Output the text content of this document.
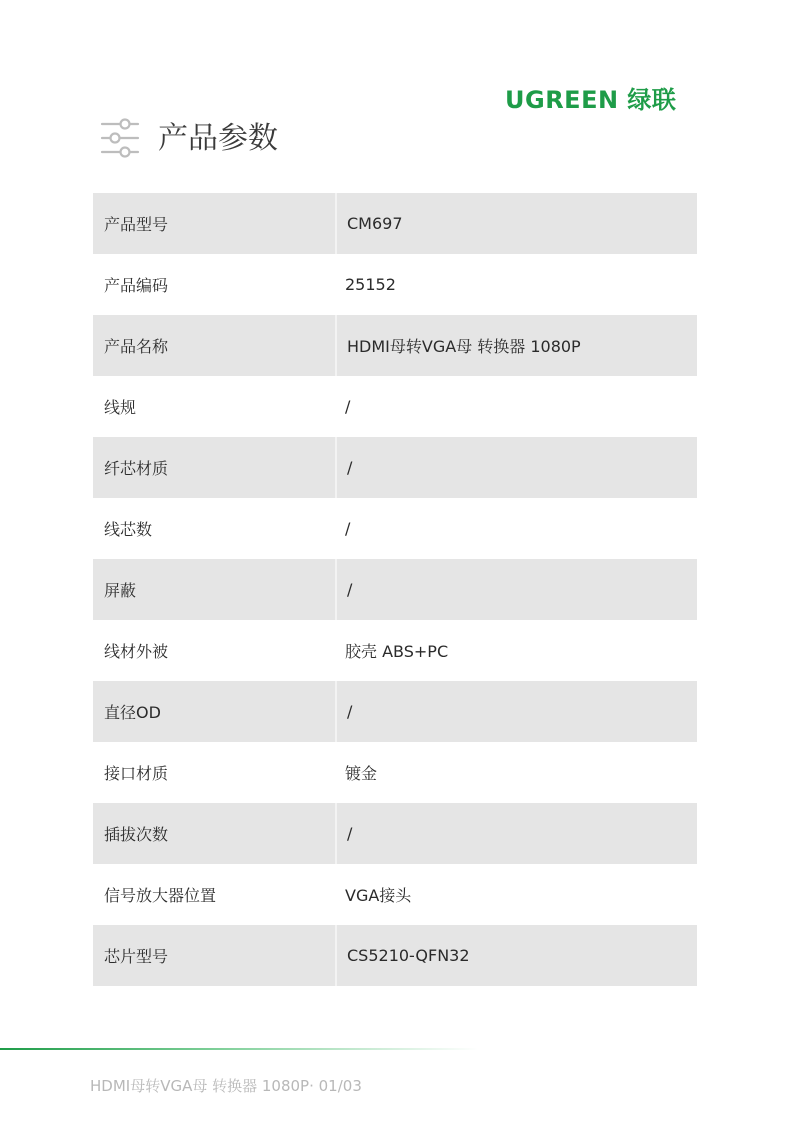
UGREEN 绿联
产品参数
产品型号	CM697
产品编码	25152
产品名称	HDMI母转VGA母 转换器 1080P
线规	/
纤芯材质	/
线芯数	/
屏蔽	/
线材外被	胶壳 ABS+PC
直径OD	/
接口材质	镀金
插拔次数	/
信号放大器位置	VGA接头
芯片型号	CS5210-QFN32
HDMI母转VGA母 转换器 1080P· 01/03
